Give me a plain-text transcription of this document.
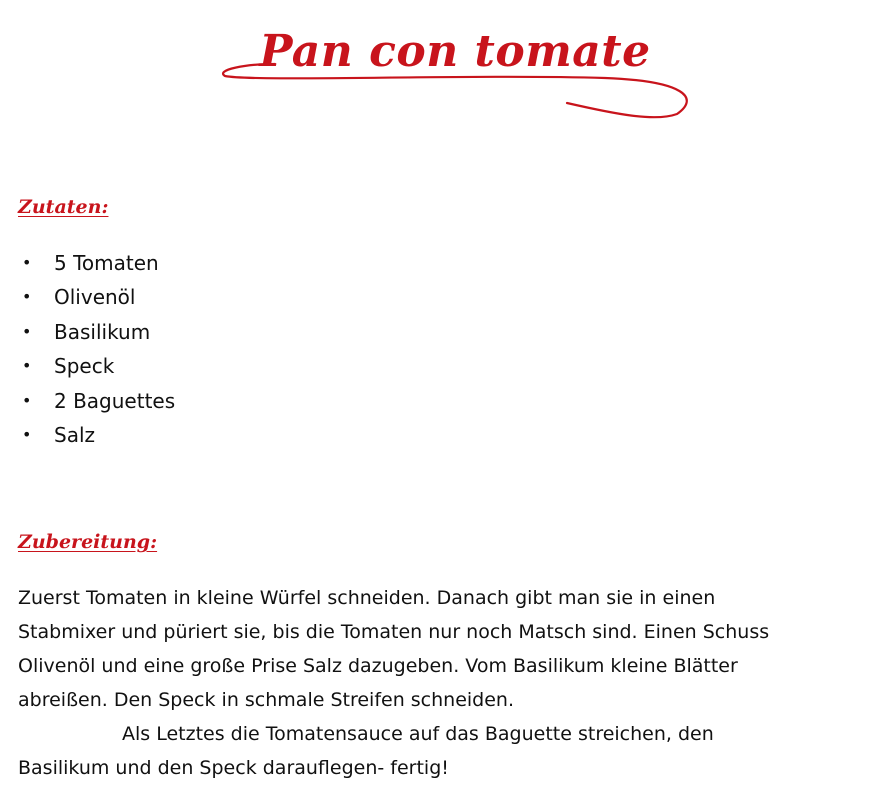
Pan con tomate
Zutaten:
• 5 Tomaten
• Olivenöl
• Basilikum
• Speck
• 2 Baguettes
• Salz
Zubereitung:
Zuerst Tomaten in kleine Würfel schneiden. Danach gibt man sie in einen
Stabmixer und püriert sie, bis die Tomaten nur noch Matsch sind. Einen Schuss
Olivenöl und eine große Prise Salz dazugeben. Vom Basilikum kleine Blätter
abreißen. Den Speck in schmale Streifen schneiden.
Als Letztes die Tomatensauce auf das Baguette streichen, den
Basilikum und den Speck darauflegen- fertig!
